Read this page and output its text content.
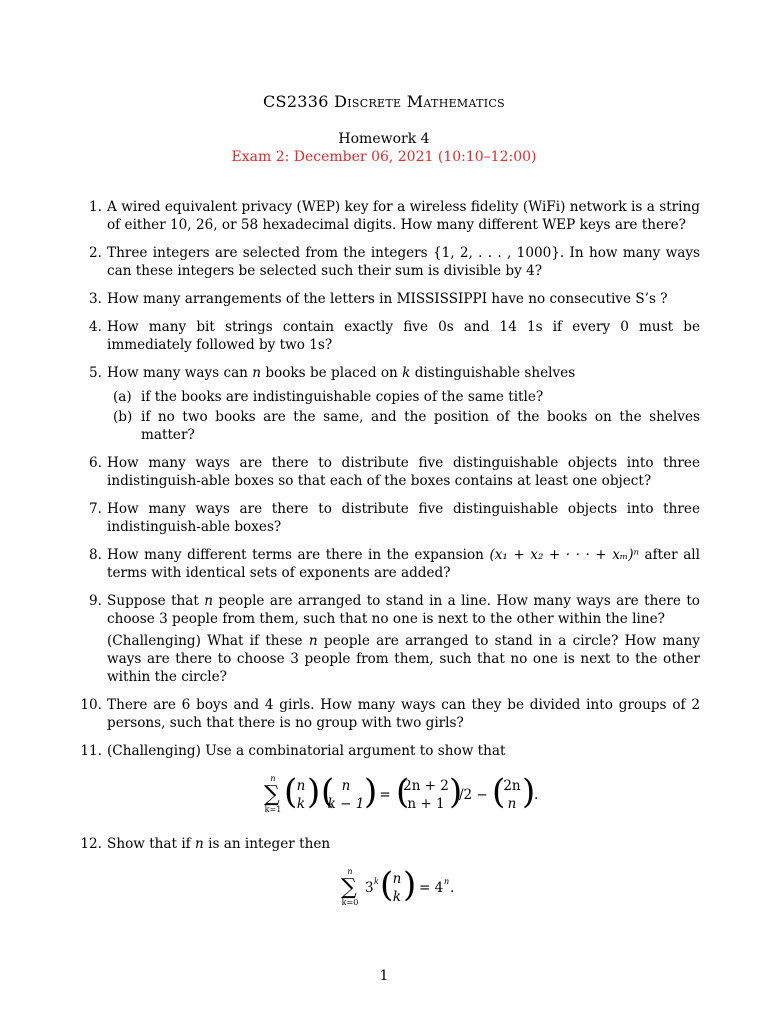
CS2336 Discrete Mathematics
Homework 4
Exam 2: December 06, 2021 (10:10–12:00)
1. A wired equivalent privacy (WEP) key for a wireless fidelity (WiFi) network is a string of either 10, 26, or 58 hexadecimal digits. How many different WEP keys are there?

2. Three integers are selected from the integers {1, 2, . . . , 1000}. In how many ways can these integers be selected such their sum is divisible by 4?

3. How many arrangements of the letters in MISSISSIPPI have no consecutive S’s ?

4. How many bit strings contain exactly five 0s and 14 1s if every 0 must be immediately followed by two 1s?

5. How many ways can n books be placed on k distinguishable shelves

(a) if the books are indistinguishable copies of the same title?
(b) if no two books are the same, and the position of the books on the shelves matter?
6. How many ways are there to distribute five distinguishable objects into three indistinguish-able boxes so that each of the boxes contains at least one object?

7. How many ways are there to distribute five distinguishable objects into three indistinguish-able boxes?

8. How many different terms are there in the expansion (x₁ + x₂ + · · · + xₘ)ⁿ after all terms with identical sets of exponents are added?

9. Suppose that n people are arranged to stand in a line. How many ways are there to choose 3 people from them, such that no one is next to the other within the line?

(Challenging) What if these n people are arranged to stand in a circle? How many ways are there to choose 3 people from them, such that no one is next to the other within the circle?

10. There are 6 boys and 4 girls. How many ways can they be divided into groups of 2 persons, such that there is no group with two girls?

11. (Challenging) Use a combinatorial argument to show that

n
∑
k=1 ( n
k ) ( n
k − 1 ) = (
2n + 2
n + 1 )
/2 − (
2n
n )
.
12. Show that if n is an integer then

n
∑
k=0
3 k ( n
k ) = 4 n .
1
